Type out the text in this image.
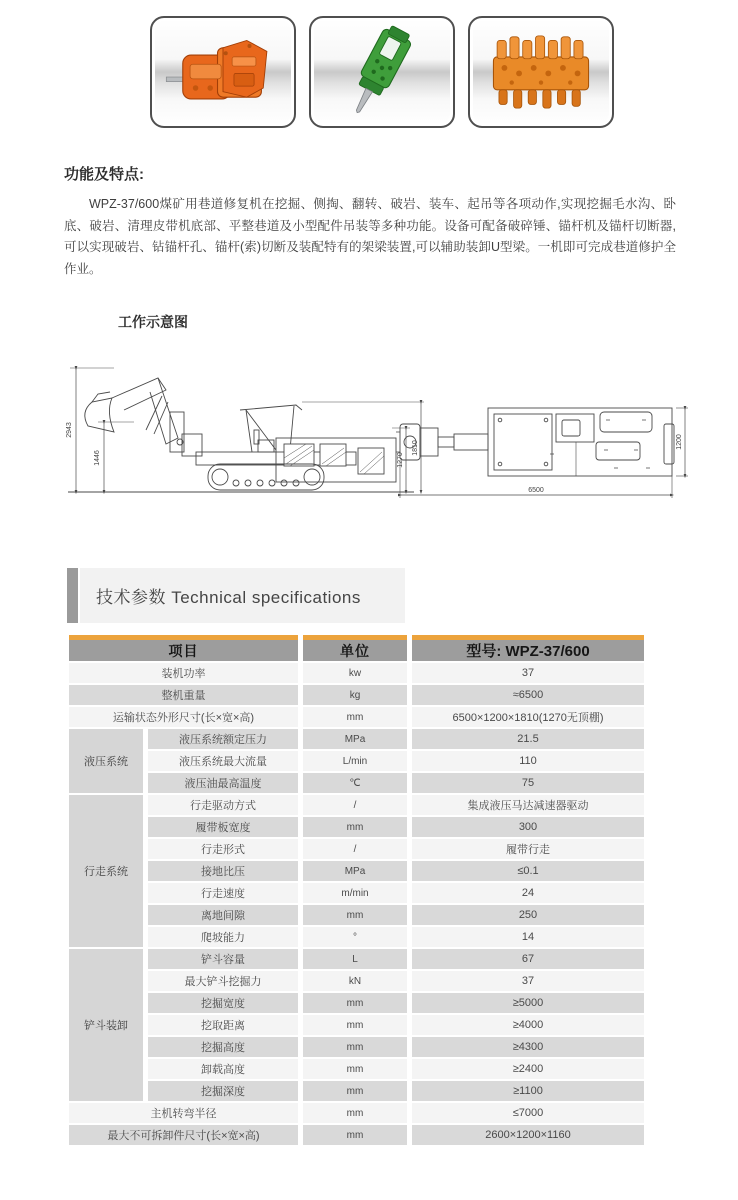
功能及特点:
WPZ-37/600煤矿用巷道修复机在挖掘、侧掏、翻转、破岩、装车、起吊等各项动作,实现挖掘毛水沟、卧底、破岩、清理皮带机底部、平整巷道及小型配件吊装等多种功能。设备可配备破碎锤、锚杆机及锚杆切断器,可以实现破岩、钻锚杆孔、锚杆(索)切断及装配特有的架梁装置,可以辅助装卸U型梁。一机即可完成巷道修护全作业。
工作示意图
2943
1446	1270
1810	1200
6500
技术参数 Technical specifications
项目		单位	型号: WPZ-37/600
装机功率		kw	37
整机重量		kg	≈6500
运输状态外形尺寸(长×宽×高)		mm	6500×1200×1810(1270无顶棚)
液压系统	液压系统额定压力	MPa	21.5
	液压系统最大流量	L/min	110
	液压油最高温度	℃	75
行走系统	行走驱动方式	/	集成液压马达减速器驱动
	履带板宽度	mm	300
	行走形式	/	履带行走
	接地比压	MPa	≤0.1
	行走速度	m/min	24
	离地间隙	mm	250
	爬坡能力	°	14
铲斗装卸	铲斗容量	L	67
	最大铲斗挖掘力	kN	37
	挖掘宽度	mm	≥5000
	挖取距离	mm	≥4000
	挖掘高度	mm	≥4300
	卸载高度	mm	≥2400
	挖掘深度	mm	≥1100
主机转弯半径		mm	≤7000
最大不可拆卸件尺寸(长×宽×高)		mm	2600×1200×1160
